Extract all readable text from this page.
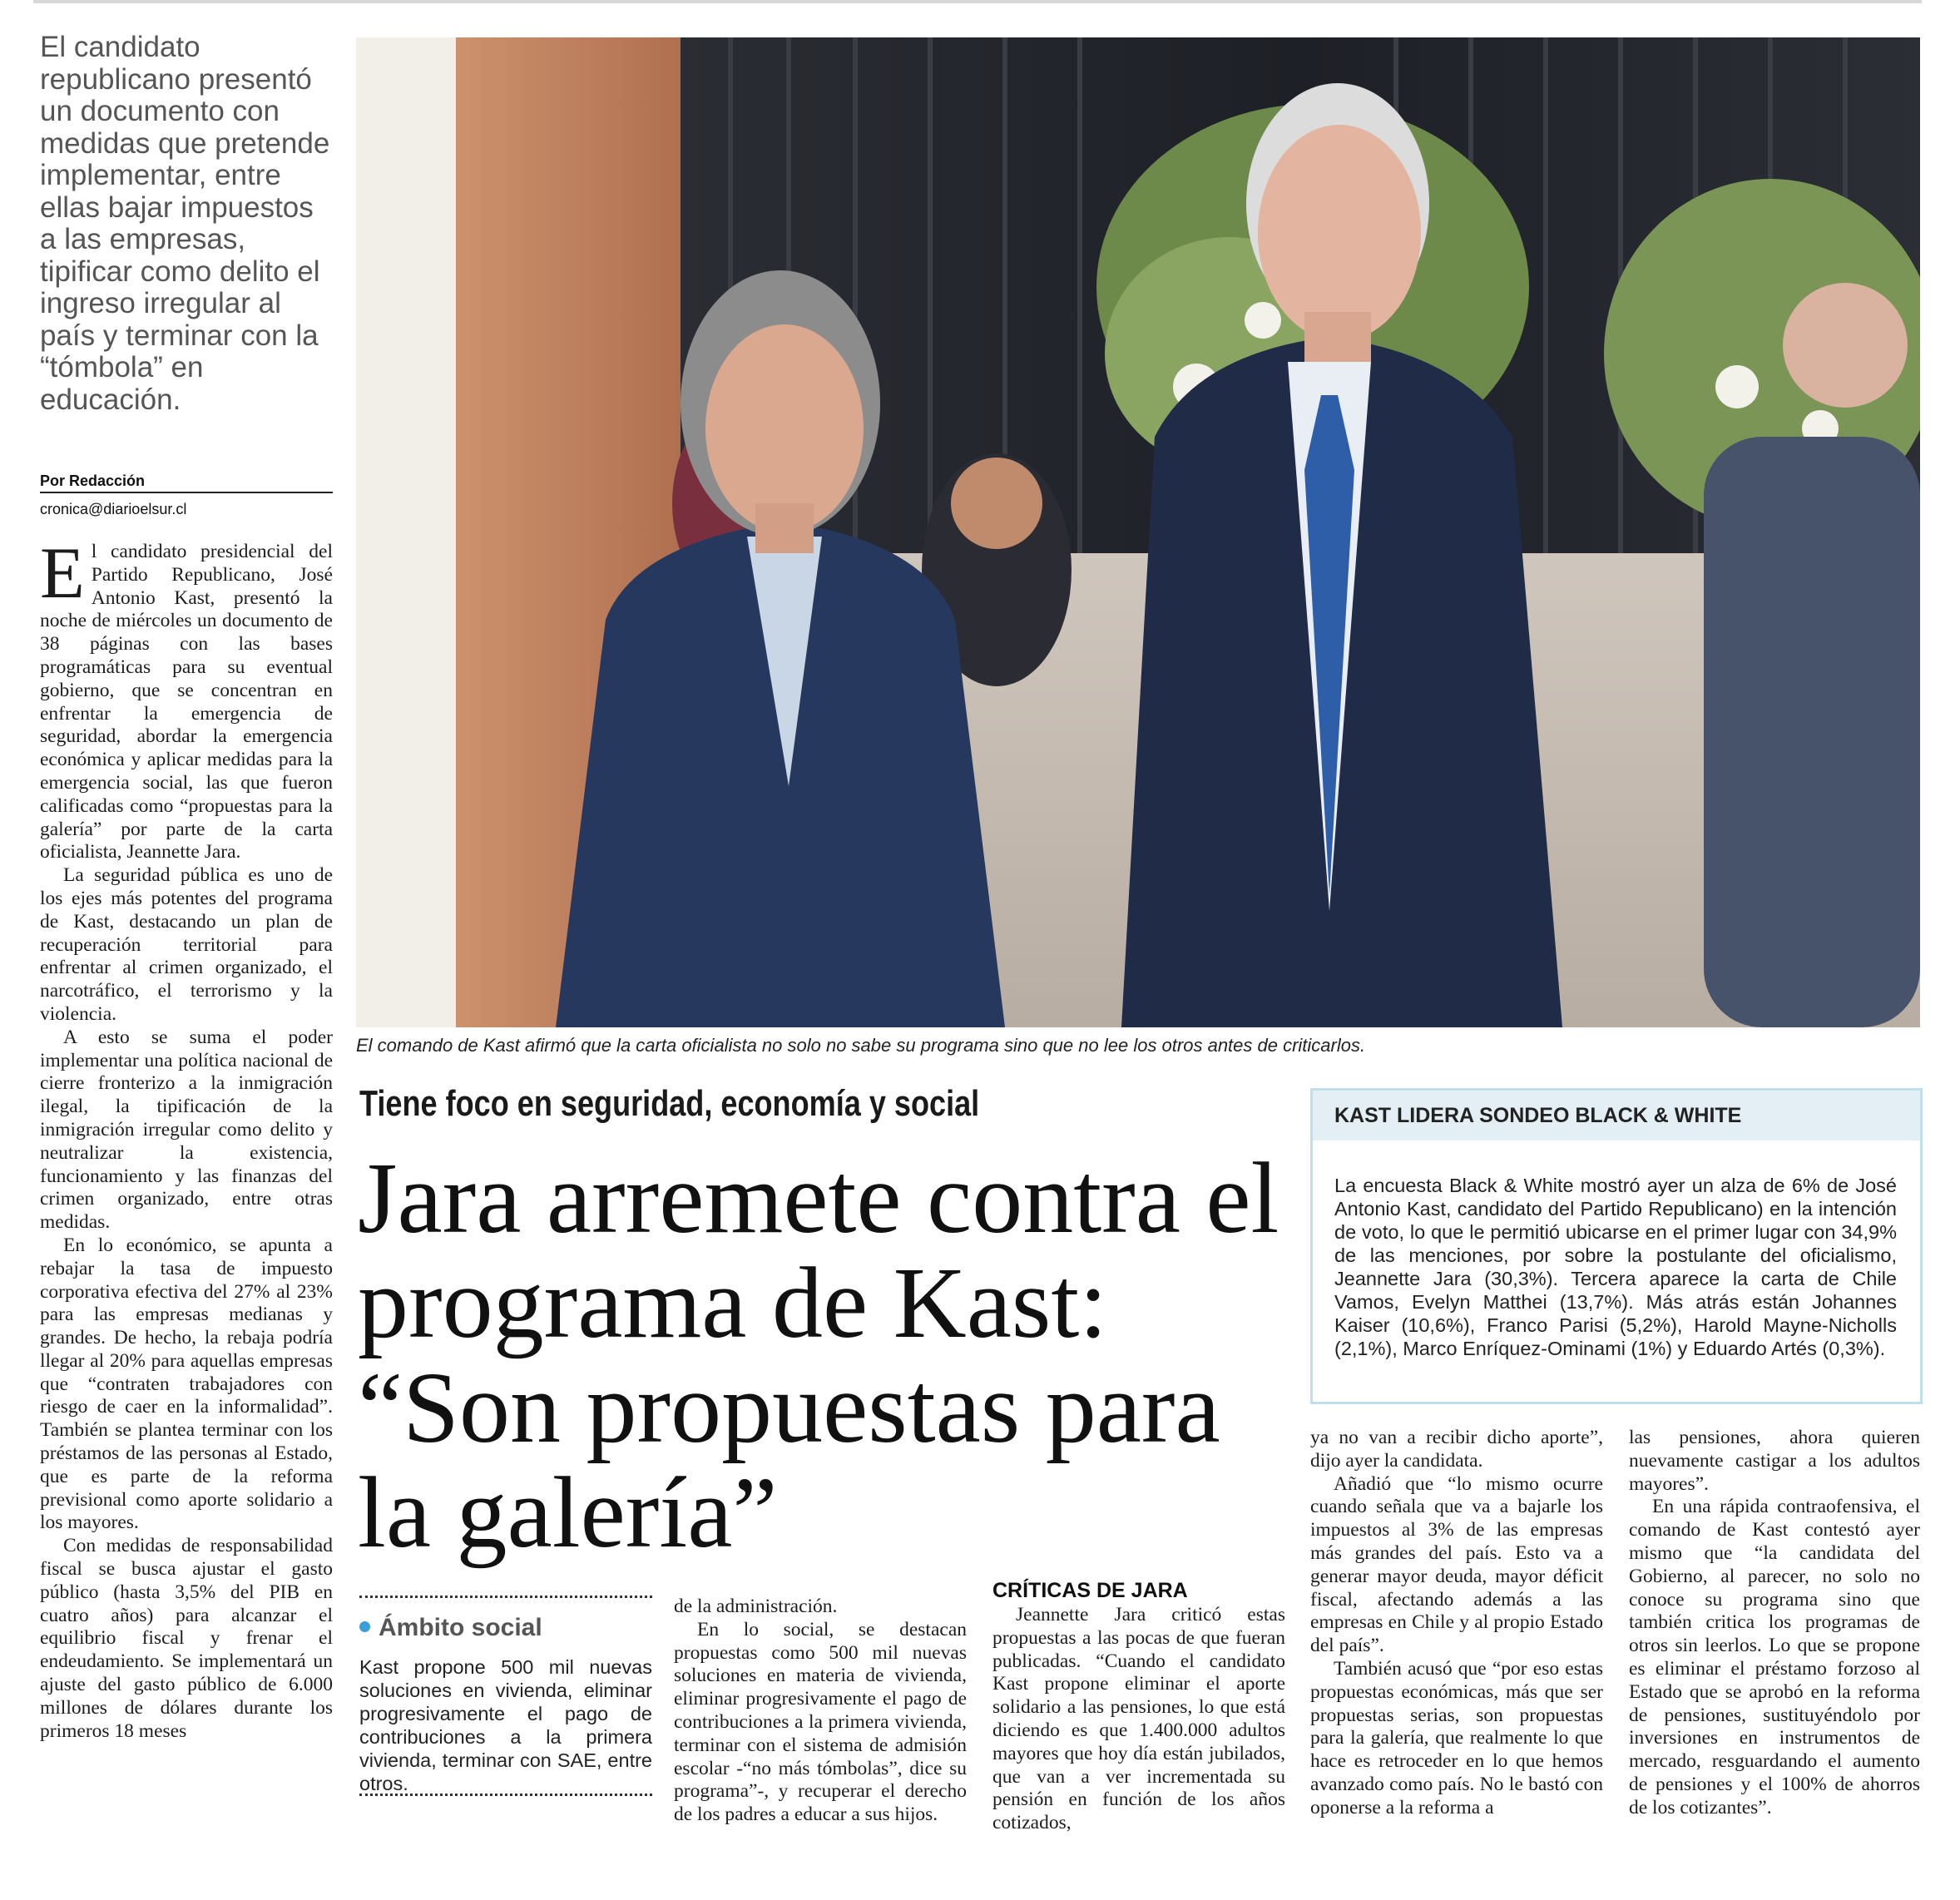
El candidato republicano presentó un documento con medidas que pretende implementar, entre ellas bajar impuestos a las empresas, tipificar como delito el ingreso irregular al país y terminar con la “tómbola” en educación.
Por Redacción
cronica@diarioelsur.cl

El candidato presidencial del Partido Republicano, José Antonio Kast, presentó la noche de miércoles un documento de 38 páginas con las bases programáticas para su eventual gobierno, que se concentran en enfrentar la emergencia de seguridad, abordar la emergencia económica y aplicar medidas para la emergencia social, las que fueron calificadas como “propuestas para la galería” por parte de la carta oficialista, Jeannette Jara.

La seguridad pública es uno de los ejes más potentes del programa de Kast, destacando un plan de recuperación territorial para enfrentar al crimen organizado, el narcotráfico, el terrorismo y la violencia.

A esto se suma el poder implementar una política nacional de cierre fronterizo a la inmigración ilegal, la tipificación de la inmigración irregular como delito y neutralizar la existencia, funcionamiento y las finanzas del crimen organizado, entre otras medidas.

En lo económico, se apunta a rebajar la tasa de impuesto corporativa efectiva del 27% al 23% para las empresas medianas y grandes. De hecho, la rebaja podría llegar al 20% para aquellas empresas que “contraten trabajadores con riesgo de caer en la informalidad”. También se plantea terminar con los préstamos de las personas al Estado, que es parte de la reforma previsional como aporte solidario a los mayores.

Con medidas de responsabilidad fiscal se busca ajustar el gasto público (hasta 3,5% del PIB en cuatro años) para alcanzar el equilibrio fiscal y frenar el endeudamiento. Se implementará un ajuste del gasto público de 6.000 millones de dólares durante los primeros 18 meses

El comando de Kast afirmó que la carta oficialista no solo no sabe su programa sino que no lee los otros antes de criticarlos.
Tiene foco en seguridad, economía y social
Jara arremete contra el programa de Kast: “Son propuestas para la galería”
KAST LIDERA SONDEO BLACK & WHITE
La encuesta Black & White mostró ayer un alza de 6% de José Antonio Kast, candidato del Partido Republicano) en la intención de voto, lo que le permitió ubicarse en el primer lugar con 34,9% de las menciones, por sobre la postulante del oficialismo, Jeannette Jara (30,3%). Tercera aparece la carta de Chile Vamos, Evelyn Matthei (13,7%). Más atrás están Johannes Kaiser (10,6%), Franco Parisi (5,2%), Harold Mayne-Nicholls (2,1%), Marco Enríquez-Ominami (1%) y Eduardo Artés (0,3%).
Ámbito social
Kast propone 500 mil nuevas soluciones en vivienda, eliminar progresivamente el pago de contribuciones a la primera vivienda, terminar con SAE, entre otros.

de la administración.

En lo social, se destacan propuestas como 500 mil nuevas soluciones en materia de vivienda, eliminar progresivamente el pago de contribuciones a la primera vivienda, terminar con el sistema de admisión escolar -“no más tómbolas”, dice su programa”-, y recuperar el derecho de los padres a educar a sus hijos.

CRÍTICAS DE JARA

Jeannette Jara criticó estas propuestas a las pocas de que fueran publicadas. “Cuando el candidato Kast propone eliminar el aporte solidario a las pensiones, lo que está diciendo es que 1.400.000 adultos mayores que hoy día están jubilados, que van a ver incrementada su pensión en función de los años cotizados,

ya no van a recibir dicho aporte”, dijo ayer la candidata.

Añadió que “lo mismo ocurre cuando señala que va a bajarle los impuestos al 3% de las empresas más grandes del país. Esto va a generar mayor deuda, mayor déficit fiscal, afectando además a las empresas en Chile y al propio Estado del país”.

También acusó que “por eso estas propuestas económicas, más que ser propuestas serias, son propuestas para la galería, que realmente lo que hace es retroceder en lo que hemos avanzado como país. No le bastó con oponerse a la reforma a

las pensiones, ahora quieren nuevamente castigar a los adultos mayores”.

En una rápida contraofensiva, el comando de Kast contestó ayer mismo que “la candidata del Gobierno, al parecer, no solo no conoce su programa sino que también critica los programas de otros sin leerlos. Lo que se propone es eliminar el préstamo forzoso al Estado que se aprobó en la reforma de pensiones, sustituyéndolo por inversiones en instrumentos de mercado, resguardando el aumento de pensiones y el 100% de ahorros de los cotizantes”.
